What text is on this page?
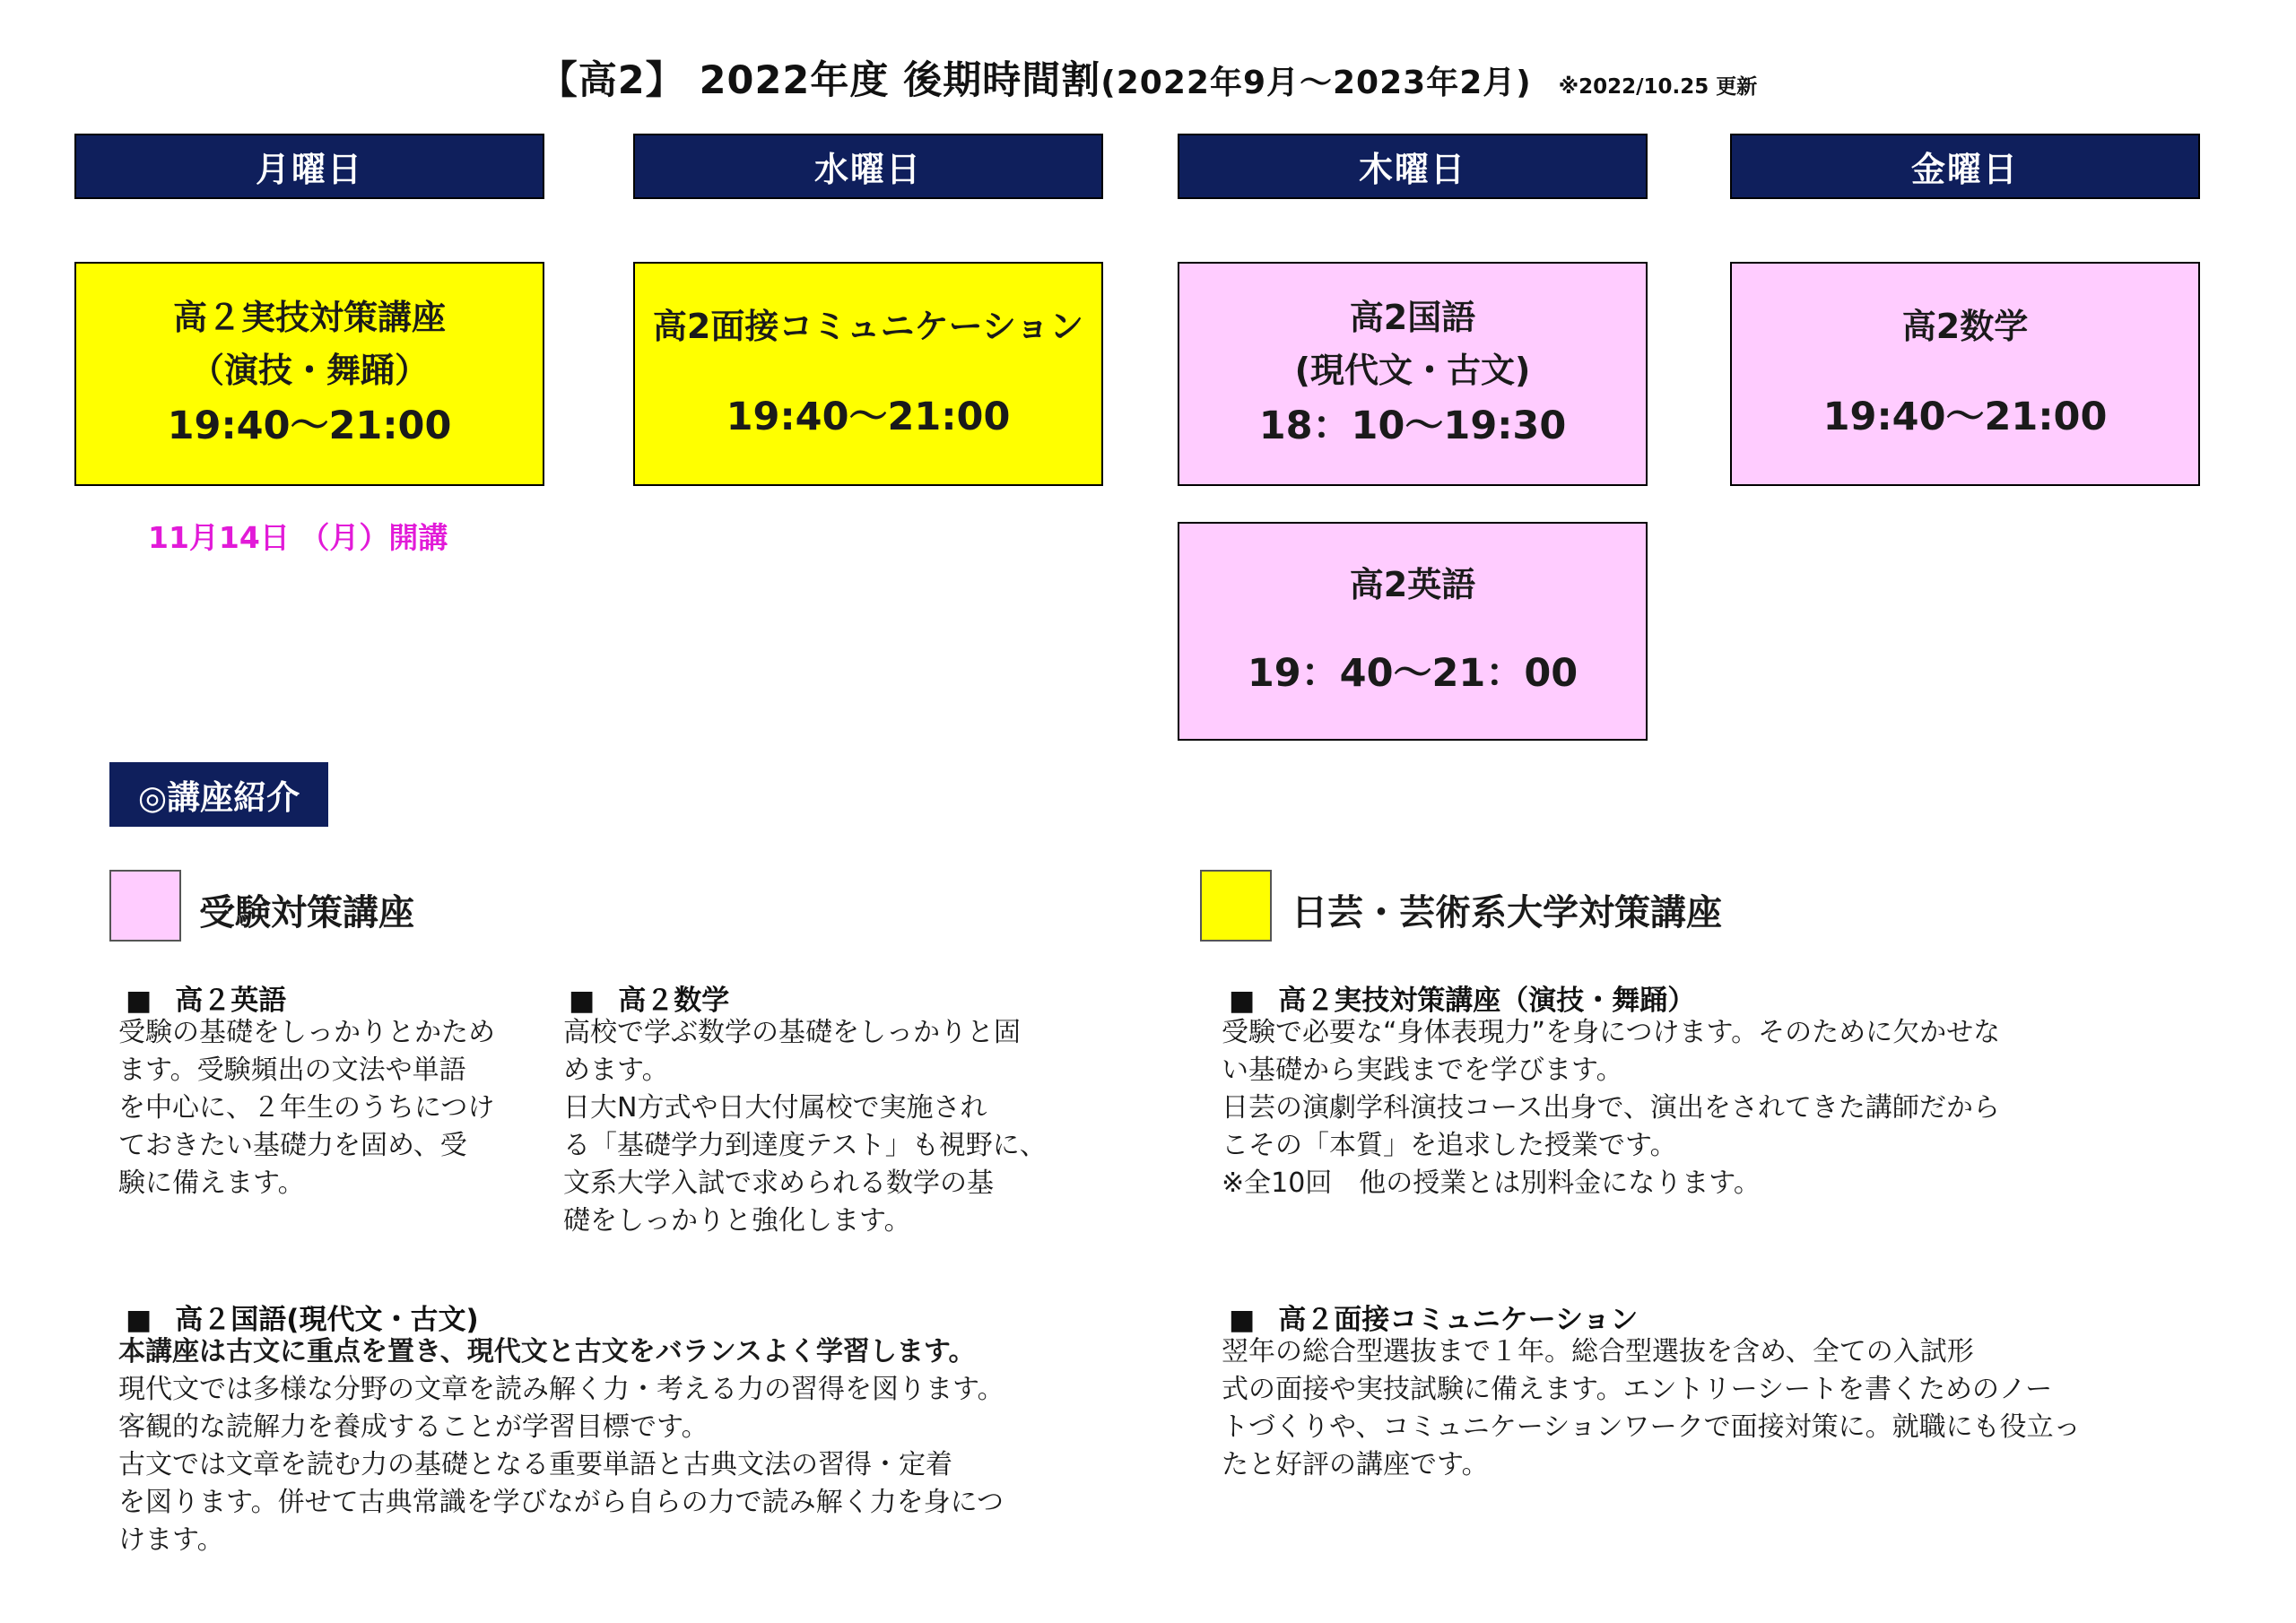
【高2】 2022年度 後期時間割(2022年9月～2023年2月) ※2022/10.25 更新
月曜日	水曜日	木曜日	金曜日
高２実技対策講座
（演技・舞踊）
19:40～21:00
11月14日 （月）開講
高2面接コミュニケーション
19:40～21:00
高2国語
(現代文・古文)
18：10～19:30
高2英語
19：40～21：00
高2数学
19:40～21:00
◎講座紹介
受験対策講座	日芸・芸術系大学対策講座
■ 高２英語

受験の基礎をしっかりとかため

ます。受験頻出の文法や単語

を中心に、２年生のうちにつけ

ておきたい基礎力を固め、受

験に備えます。

■ 高２数学

高校で学ぶ数学の基礎をしっかりと固

めます。

日大N方式や日大付属校で実施され

る「基礎学力到達度テスト」も視野に、

文系大学入試で求められる数学の基

礎をしっかりと強化します。

■ 高２国語(現代文・古文)

本講座は古文に重点を置き、現代文と古文をバランスよく学習します。

現代文では多様な分野の文章を読み解く力・考える力の習得を図ります。

客観的な読解力を養成することが学習目標です。

古文では文章を読む力の基礎となる重要単語と古典文法の習得・定着

を図ります。併せて古典常識を学びながら自らの力で読み解く力を身につ

けます。

■ 高２実技対策講座（演技・舞踊）

受験で必要な“身体表現力”を身につけます。そのために欠かせな

い基礎から実践までを学びます。

日芸の演劇学科演技コース出身で、演出をされてきた講師だから

こその「本質」を追求した授業です。

※全10回　他の授業とは別料金になります。

■ 高２面接コミュニケーション

翌年の総合型選抜まで１年。総合型選抜を含め、全ての入試形

式の面接や実技試験に備えます。エントリーシートを書くためのノー

トづくりや、コミュニケーションワークで面接対策に。就職にも役立っ

たと好評の講座です。
